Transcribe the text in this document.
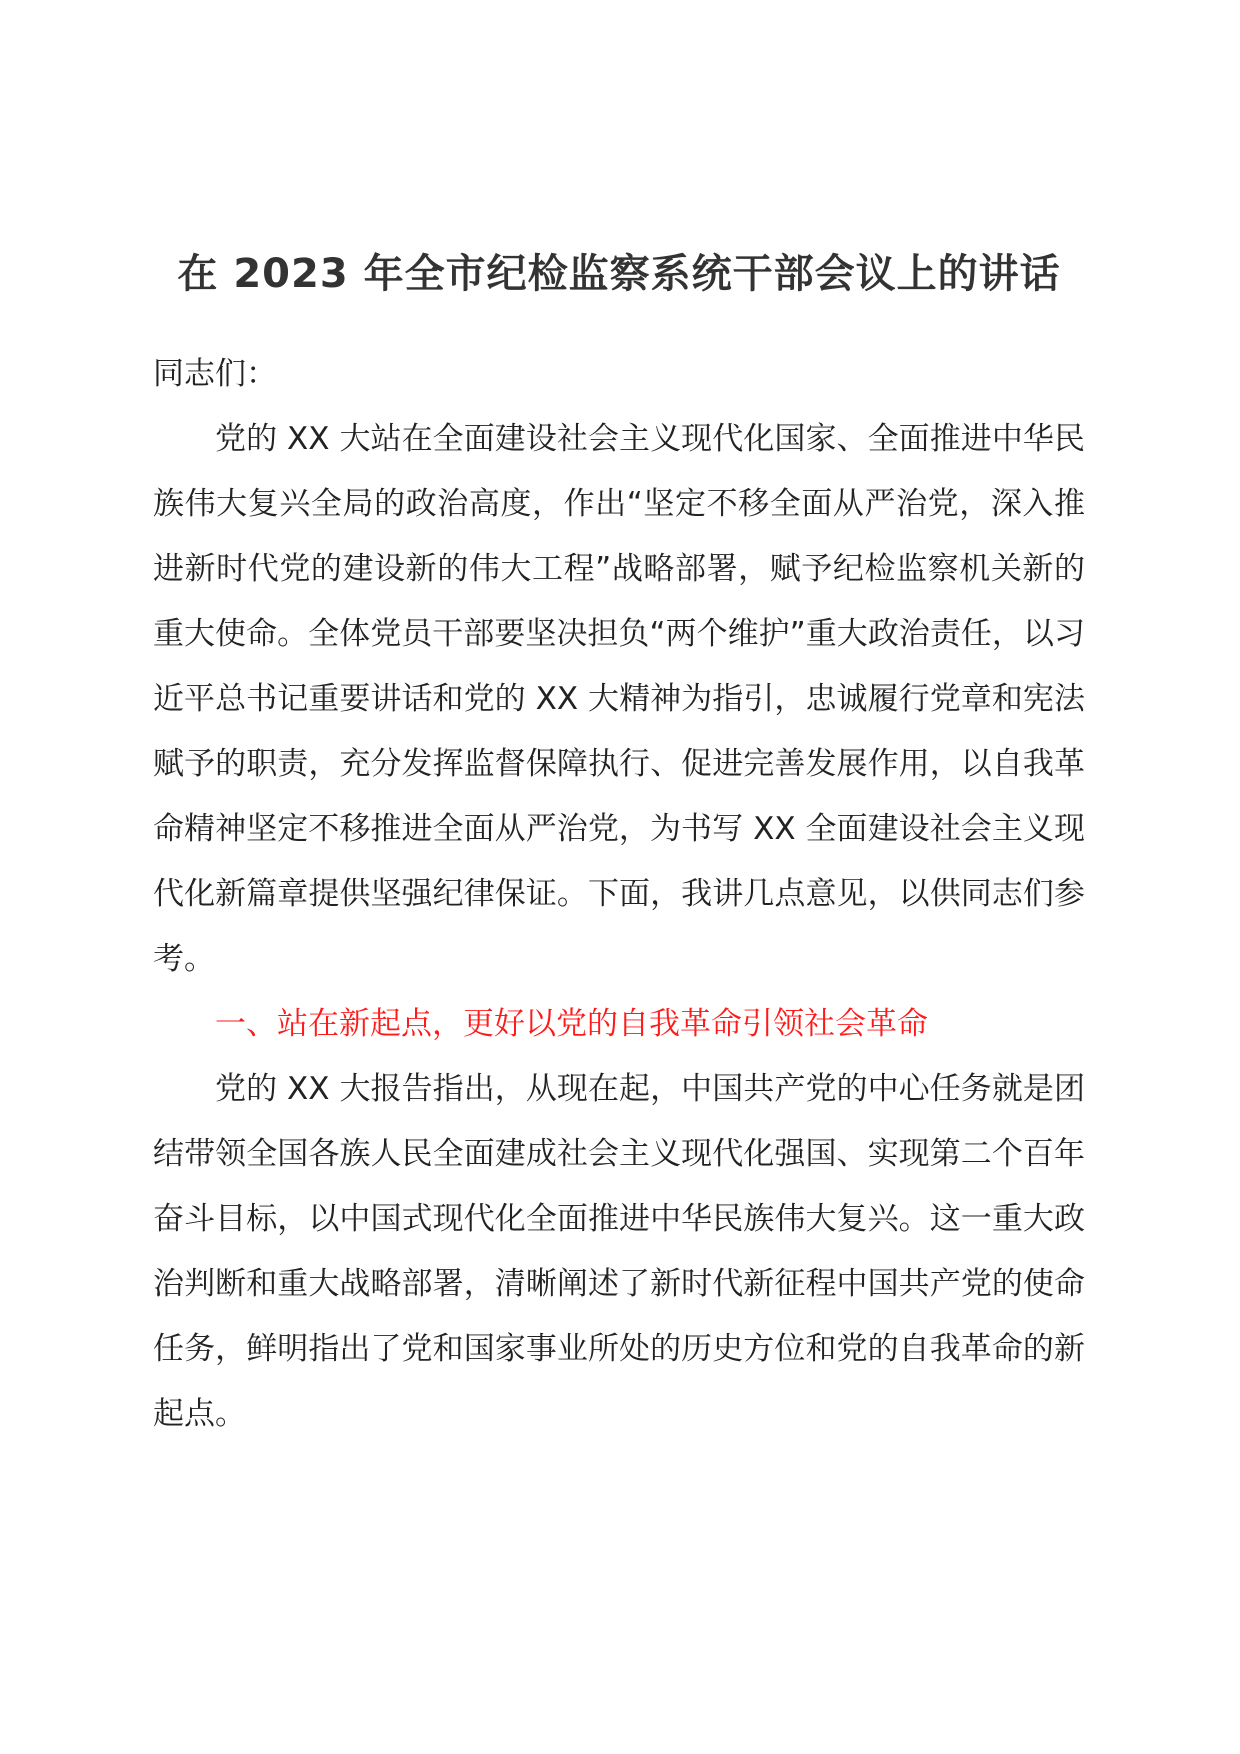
在 2023 年全市纪检监察系统干部会议上的讲话

同志们：

党的 XX 大站在全面建设社会主义现代化国家、全面推进中华民族伟大复兴全局的政治高度，作出“坚定不移全面从严治党，深入推进新时代党的建设新的伟大工程”战略部署，赋予纪检监察机关新的重大使命。全体党员干部要坚决担负“两个维护”重大政治责任，以习近平总书记重要讲话和党的 XX 大精神为指引，忠诚履行党章和宪法赋予的职责，充分发挥监督保障执行、促进完善发展作用，以自我革命精神坚定不移推进全面从严治党，为书写 XX 全面建设社会主义现代化新篇章提供坚强纪律保证。下面，我讲几点意见，以供同志们参考。

一、站在新起点，更好以党的自我革命引领社会革命

党的 XX 大报告指出，从现在起，中国共产党的中心任务就是团结带领全国各族人民全面建成社会主义现代化强国、实现第二个百年奋斗目标，以中国式现代化全面推进中华民族伟大复兴。这一重大政治判断和重大战略部署，清晰阐述了新时代新征程中国共产党的使命任务，鲜明指出了党和国家事业所处的历史方位和党的自我革命的新起点。
